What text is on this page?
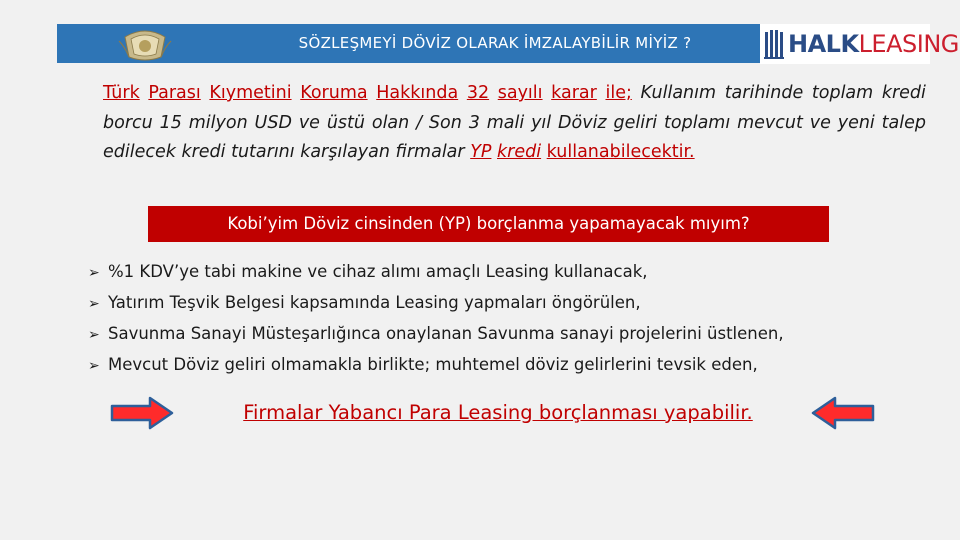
SÖZLEŞMEYİ DÖVİZ OLARAK İMZALAYBİLİR MİYİZ ?	HALKLEASING
Türk Parası Kıymetini Koruma Hakkında 32 sayılı karar ile; Kullanım tarihinde toplam kredi borcu 15 milyon USD ve üstü olan / Son 3 mali yıl Döviz geliri toplamı mevcut ve yeni talep edilecek kredi tutarını karşılayan firmalar YP kredi kullanabilecektir.
Kobi’yim Döviz cinsinden (YP) borçlanma yapamayacak mıyım?
➢ %1 KDV’ye tabi makine ve cihaz alımı amaçlı Leasing kullanacak,
➢ Yatırım Teşvik Belgesi kapsamında Leasing yapmaları öngörülen,
➢ Savunma Sanayi Müsteşarlığınca onaylanan Savunma sanayi projelerini üstlenen,
➢ Mevcut Döviz geliri olmamakla birlikte; muhtemel döviz gelirlerini tevsik eden,
Firmalar Yabancı Para Leasing borçlanması yapabilir.
